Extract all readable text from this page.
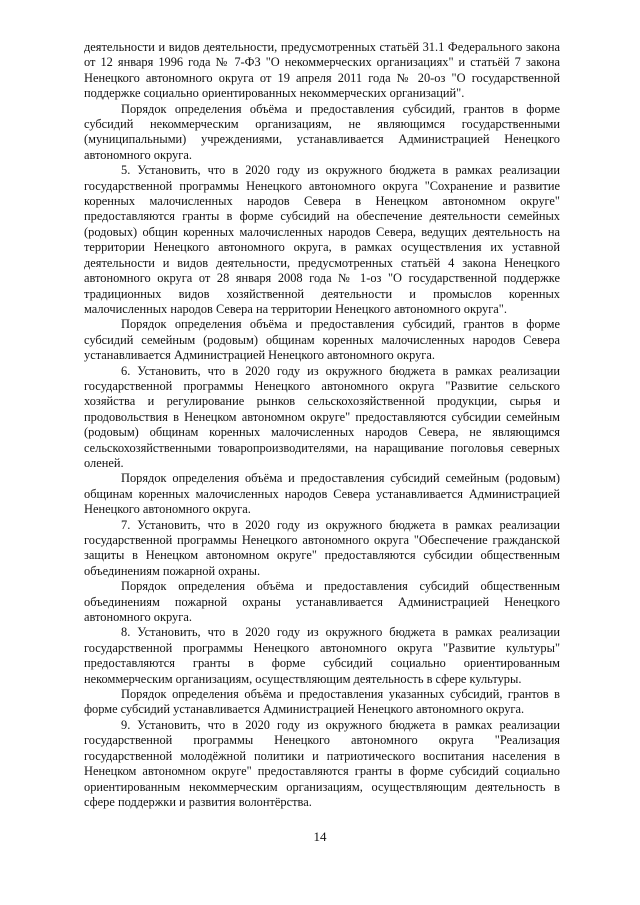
деятельности и видов деятельности, предусмотренных статьёй 31.1 Федерального закона от 12 января 1996 года № 7-ФЗ "О некоммерческих организациях" и статьёй 7 закона Ненецкого автономного округа от 19 апреля 2011 года № 20-оз "О государственной поддержке социально ориентированных некоммерческих организаций".

Порядок определения объёма и предоставления субсидий, грантов в форме субсидий некоммерческим организациям, не являющимся государственными (муниципальными) учреждениями, устанавливается Администрацией Ненецкого автономного округа.

5. Установить, что в 2020 году из окружного бюджета в рамках реализации государственной программы Ненецкого автономного округа "Сохранение и развитие коренных малочисленных народов Севера в Ненецком автономном округе" предоставляются гранты в форме субсидий на обеспечение деятельности семейных (родовых) общин коренных малочисленных народов Севера, ведущих деятельность на территории Ненецкого автономного округа, в рамках осуществления их уставной деятельности и видов деятельности, предусмотренных статьёй 4 закона Ненецкого автономного округа от 28 января 2008 года № 1-оз "О государственной поддержке традиционных видов хозяйственной деятельности и промыслов коренных малочисленных народов Севера на территории Ненецкого автономного округа".

Порядок определения объёма и предоставления субсидий, грантов в форме субсидий семейным (родовым) общинам коренных малочисленных народов Севера устанавливается Администрацией Ненецкого автономного округа.

6. Установить, что в 2020 году из окружного бюджета в рамках реализации государственной программы Ненецкого автономного округа "Развитие сельского хозяйства и регулирование рынков сельскохозяйственной продукции, сырья и продовольствия в Ненецком автономном округе" предоставляются субсидии семейным (родовым) общинам коренных малочисленных народов Севера, не являющимся сельскохозяйственными товаропроизводителями, на наращивание поголовья северных оленей.

Порядок определения объёма и предоставления субсидий семейным (родовым) общинам коренных малочисленных народов Севера устанавливается Администрацией Ненецкого автономного округа.

7. Установить, что в 2020 году из окружного бюджета в рамках реализации государственной программы Ненецкого автономного округа "Обеспечение гражданской защиты в Ненецком автономном округе" предоставляются субсидии общественным объединениям пожарной охраны.

Порядок определения объёма и предоставления субсидий общественным объединениям пожарной охраны устанавливается Администрацией Ненецкого автономного округа.

8. Установить, что в 2020 году из окружного бюджета в рамках реализации государственной программы Ненецкого автономного округа "Развитие культуры" предоставляются гранты в форме субсидий социально ориентированным некоммерческим организациям, осуществляющим деятельность в сфере культуры.

Порядок определения объёма и предоставления указанных субсидий, грантов в форме субсидий устанавливается Администрацией Ненецкого автономного округа.

9. Установить, что в 2020 году из окружного бюджета в рамках реализации государственной программы Ненецкого автономного округа "Реализация государственной молодёжной политики и патриотического воспитания населения в Ненецком автономном округе" предоставляются гранты в форме субсидий социально ориентированным некоммерческим организациям, осуществляющим деятельность в сфере поддержки и развития волонтёрства.

14
